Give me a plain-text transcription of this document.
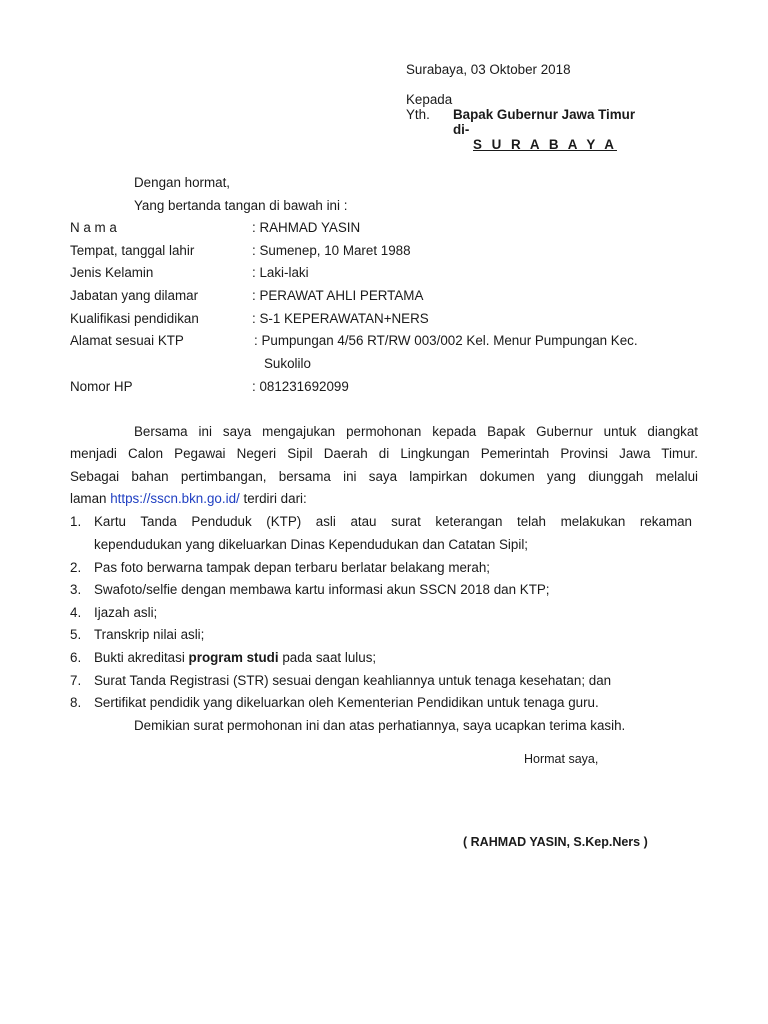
Surabaya, 03 Oktober 2018
Kepada
Yth. Bapak Gubernur Jawa Timur
di-
S U R A B A Y A
Dengan hormat,
Yang bertanda tangan di bawah ini :
N a m a	: RAHMAD YASIN
Tempat, tanggal lahir	: Sumenep, 10 Maret 1988
Jenis Kelamin	: Laki-laki
Jabatan yang dilamar	: PERAWAT AHLI PERTAMA
Kualifikasi pendidikan	: S-1 KEPERAWATAN+NERS
Alamat sesuai KTP	: Pumpungan 4/56 RT/RW 003/002 Kel. Menur Pumpungan Kec.
Sukolilo
Nomor HP	: 081231692099
Bersama ini saya mengajukan permohonan kepada Bapak Gubernur untuk diangkat
menjadi Calon Pegawai Negeri Sipil Daerah di Lingkungan Pemerintah Provinsi Jawa Timur.
Sebagai bahan pertimbangan, bersama ini saya lampirkan dokumen yang diunggah melalui
laman https://sscn.bkn.go.id/ terdiri dari:
1. Kartu Tanda Penduduk (KTP) asli atau surat keterangan telah melakukan rekaman
kependudukan yang dikeluarkan Dinas Kependudukan dan Catatan Sipil;
2. Pas foto berwarna tampak depan terbaru berlatar belakang merah;
3. Swafoto/selfie dengan membawa kartu informasi akun SSCN 2018 dan KTP;
4. Ijazah asli;
5. Transkrip nilai asli;
6. Bukti akreditasi program studi pada saat lulus;
7. Surat Tanda Registrasi (STR) sesuai dengan keahliannya untuk tenaga kesehatan; dan
8. Sertifikat pendidik yang dikeluarkan oleh Kementerian Pendidikan untuk tenaga guru.
Demikian surat permohonan ini dan atas perhatiannya, saya ucapkan terima kasih.
Hormat saya,
( RAHMAD YASIN, S.Kep.Ners )
